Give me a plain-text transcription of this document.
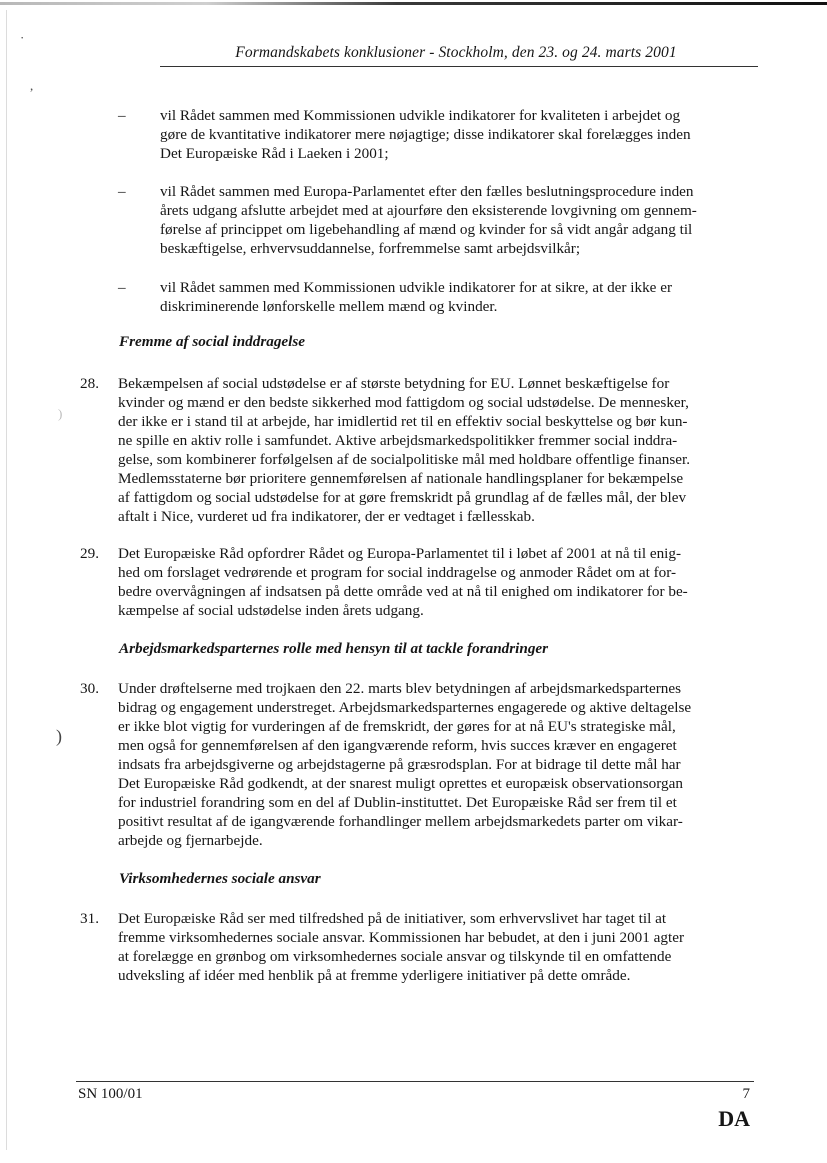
·
,
)
)
Formandskabets konklusioner - Stockholm, den 23. og 24. marts 2001
–	vil Rådet sammen med Kommissionen udvikle indikatorer for kvaliteten i arbejdet og
gøre de kvantitative indikatorer mere nøjagtige; disse indikatorer skal forelægges inden
Det Europæiske Råd i Laeken i 2001;
–	vil Rådet sammen med Europa-Parlamentet efter den fælles beslutningsprocedure inden
årets udgang afslutte arbejdet med at ajourføre den eksisterende lovgivning om gennem-
førelse af princippet om ligebehandling af mænd og kvinder for så vidt angår adgang til
beskæftigelse, erhvervsuddannelse, forfremmelse samt arbejdsvilkår;
–	vil Rådet sammen med Kommissionen udvikle indikatorer for at sikre, at der ikke er
diskriminerende lønforskelle mellem mænd og kvinder.
Fremme af social inddragelse
28.	Bekæmpelsen af social udstødelse er af største betydning for EU. Lønnet beskæftigelse for
kvinder og mænd er den bedste sikkerhed mod fattigdom og social udstødelse. De mennesker,
der ikke er i stand til at arbejde, har imidlertid ret til en effektiv social beskyttelse og bør kun-
ne spille en aktiv rolle i samfundet. Aktive arbejdsmarkedspolitikker fremmer social inddra-
gelse, som kombinerer forfølgelsen af de socialpolitiske mål med holdbare offentlige finanser.
Medlemsstaterne bør prioritere gennemførelsen af nationale handlingsplaner for bekæmpelse
af fattigdom og social udstødelse for at gøre fremskridt på grundlag af de fælles mål, der blev
aftalt i Nice, vurderet ud fra indikatorer, der er vedtaget i fællesskab.
29.	Det Europæiske Råd opfordrer Rådet og Europa-Parlamentet til i løbet af 2001 at nå til enig-
hed om forslaget vedrørende et program for social inddragelse og anmoder Rådet om at for-
bedre overvågningen af indsatsen på dette område ved at nå til enighed om indikatorer for be-
kæmpelse af social udstødelse inden årets udgang.
Arbejdsmarkedsparternes rolle med hensyn til at tackle forandringer
30.	Under drøftelserne med trojkaen den 22. marts blev betydningen af arbejdsmarkedsparternes
bidrag og engagement understreget. Arbejdsmarkedsparternes engagerede og aktive deltagelse
er ikke blot vigtig for vurderingen af de fremskridt, der gøres for at nå EU's strategiske mål,
men også for gennemførelsen af den igangværende reform, hvis succes kræver en engageret
indsats fra arbejdsgiverne og arbejdstagerne på græsrodsplan. For at bidrage til dette mål har
Det Europæiske Råd godkendt, at der snarest muligt oprettes et europæisk observationsorgan
for industriel forandring som en del af Dublin-instituttet. Det Europæiske Råd ser frem til et
positivt resultat af de igangværende forhandlinger mellem arbejdsmarkedets parter om vikar-
arbejde og fjernarbejde.
Virksomhedernes sociale ansvar
31.	Det Europæiske Råd ser med tilfredshed på de initiativer, som erhvervslivet har taget til at
fremme virksomhedernes sociale ansvar. Kommissionen har bebudet, at den i juni 2001 agter
at forelægge en grønbog om virksomhedernes sociale ansvar og tilskynde til en omfattende
udveksling af idéer med henblik på at fremme yderligere initiativer på dette område.
SN 100/01	7
DA
